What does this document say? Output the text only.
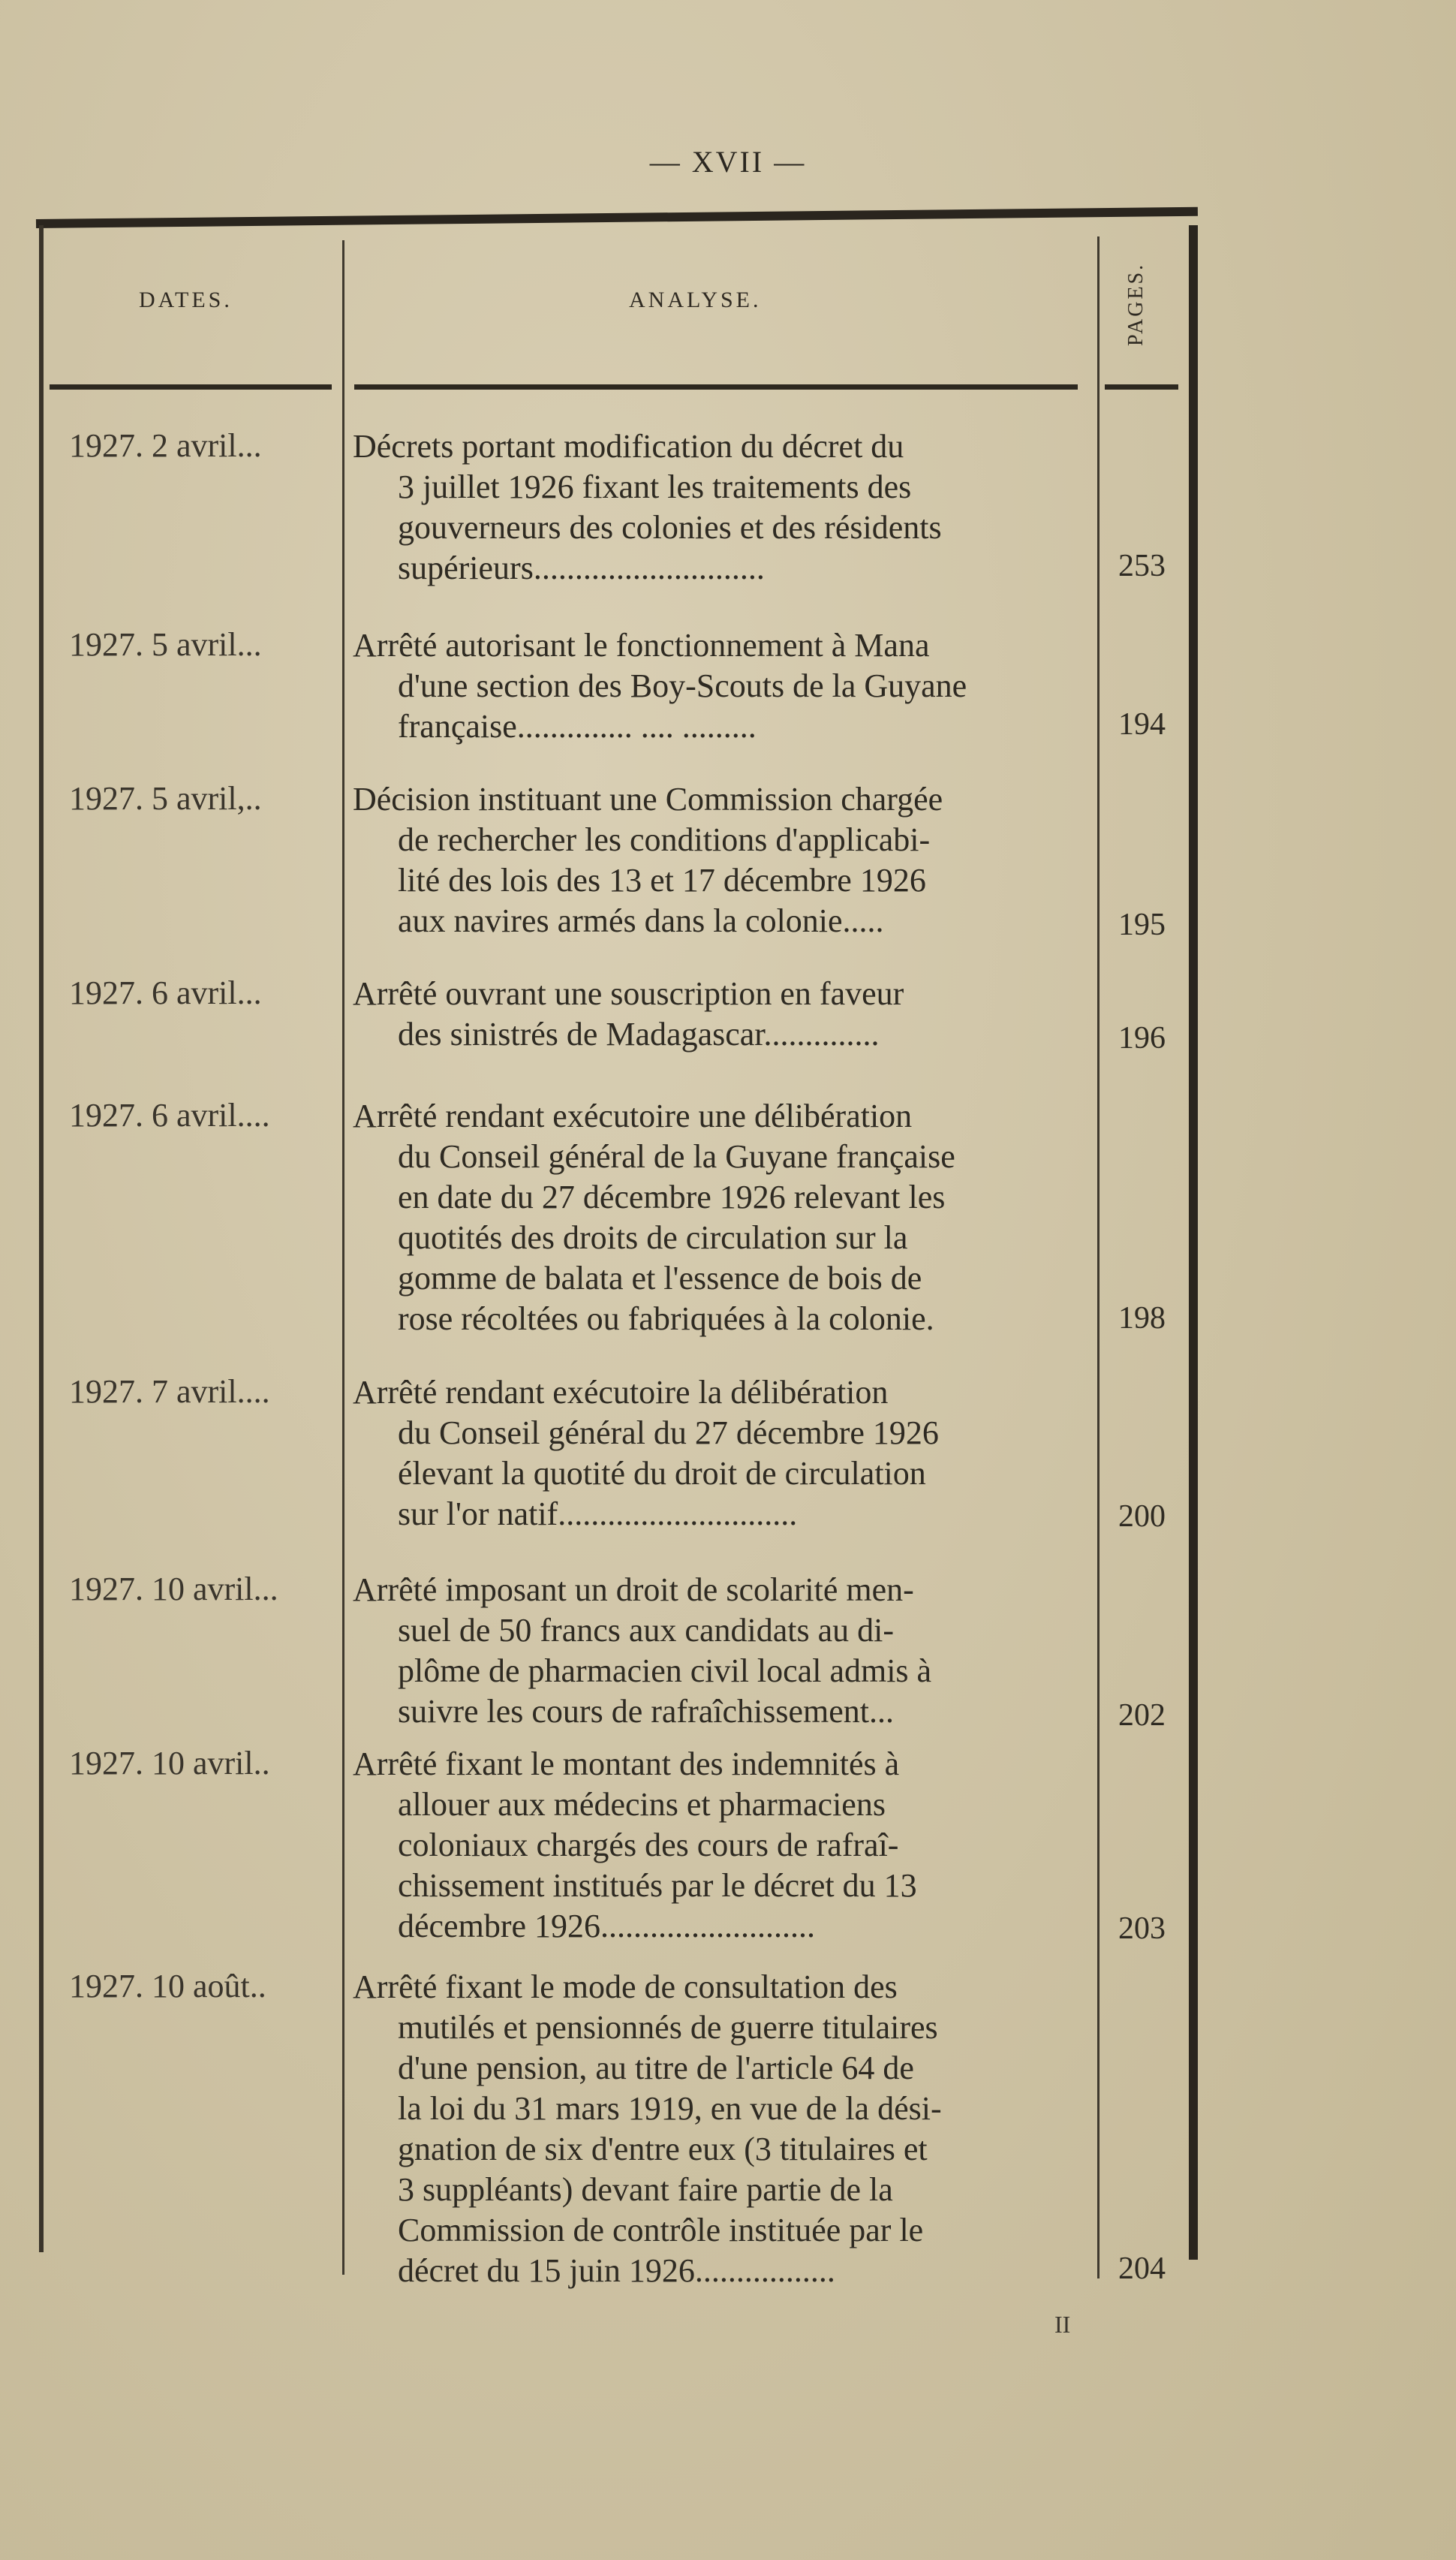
— XVII —
DATES.	ANALYSE.	PAGES.
1927. 2 avril...	Décrets portant modification du décret du
3 juillet 1926 fixant les traitements des
gouverneurs des colonies et des résidents
supérieurs............................	253
1927. 5 avril...	Arrêté autorisant le fonctionnement à Mana
d'une section des Boy-Scouts de la Guyane
française.............. .... .........	194
1927. 5 avril,..	Décision instituant une Commission chargée
de rechercher les conditions d'applicabi-
lité des lois des 13 et 17 décembre 1926
aux navires armés dans la colonie.....	195
1927. 6 avril...	Arrêté ouvrant une souscription en faveur
des sinistrés de Madagascar..............	196
1927. 6 avril....	Arrêté rendant exécutoire une délibération
du Conseil général de la Guyane française
en date du 27 décembre 1926 relevant les
quotités des droits de circulation sur la
gomme de balata et l'essence de bois de
rose récoltées ou fabriquées à la colonie.	198
1927. 7 avril....	Arrêté rendant exécutoire la délibération
du Conseil général du 27 décembre 1926
élevant la quotité du droit de circulation
sur l'or natif.............................	200
1927. 10 avril... Arrêté imposant un droit de scolarité men-
suel de 50 francs aux candidats au di-
plôme de pharmacien civil local admis à
suivre les cours de rafraîchissement...	202
1927. 10 avril..	Arrêté fixant le montant des indemnités à
allouer aux médecins et pharmaciens
coloniaux chargés des cours de rafraî-
chissement institués par le décret du 13
décembre 1926..........................	203
1927. 10 août..	Arrêté fixant le mode de consultation des
mutilés et pensionnés de guerre titulaires
d'une pension, au titre de l'article 64 de
la loi du 31 mars 1919, en vue de la dési-
gnation de six d'entre eux (3 titulaires et
3 suppléants) devant faire partie de la
Commission de contrôle instituée par le
décret du 15 juin 1926.................	204
II
